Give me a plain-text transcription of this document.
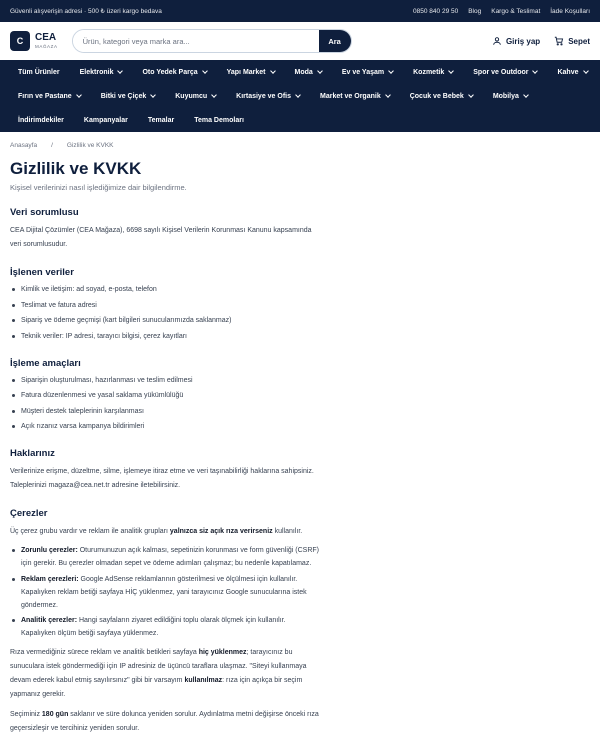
Güvenli alışverişin adresi · 500 ₺ üzeri kargo bedava	0850 840 29 50 Blog Kargo & Teslimat İade Koşulları
C	CEA
MAĞAZA
Ürün, kategori veya marka ara...
Ara	Giriş yap	Sepet
Tüm Ürünler	Elektronik	Oto Yedek Parça	Yapı Market	Moda	Ev ve Yaşam	Kozmetik	Spor ve Outdoor	Kahve
Fırın ve Pastane	Bitki ve Çiçek	Kuyumcu	Kırtasiye ve Ofis	Market ve Organik	Çocuk ve Bebek	Mobilya
İndirimdekiler	Kampanyalar	Temalar	Tema Demoları
Anasayfa / Gizlilik ve KVKK
Gizlilik ve KVKK
Kişisel verilerinizi nasıl işlediğimize dair bilgilendirme.
Veri sorumlusu

CEA Dijital Çözümler (CEA Mağaza), 6698 sayılı Kişisel Verilerin Korunması Kanunu kapsamında veri sorumlusudur.

İşlenen veriler
Kimlik ve iletişim: ad soyad, e-posta, telefon
Teslimat ve fatura adresi
Sipariş ve ödeme geçmişi (kart bilgileri sunucularımızda saklanmaz)
Teknik veriler: IP adresi, tarayıcı bilgisi, çerez kayıtları
İşleme amaçları
Siparişin oluşturulması, hazırlanması ve teslim edilmesi
Fatura düzenlenmesi ve yasal saklama yükümlülüğü
Müşteri destek taleplerinin karşılanması
Açık rızanız varsa kampanya bildirimleri
Haklarınız

Verilerinize erişme, düzeltme, silme, işlemeye itiraz etme ve veri taşınabilirliği haklarına sahipsiniz. Taleplerinizi magaza@cea.net.tr adresine iletebilirsiniz.

Çerezler

Üç çerez grubu vardır ve reklam ile analitik grupları yalnızca siz açık rıza verirseniz kullanılır.

Zorunlu çerezler: Oturumunuzun açık kalması, sepetinizin korunması ve form güvenliği (CSRF) için gerekir. Bu çerezler olmadan sepet ve ödeme adımları çalışmaz; bu nedenle kapatılamaz.
Reklam çerezleri: Google AdSense reklamlarının gösterilmesi ve ölçülmesi için kullanılır. Kapalıyken reklam betiği sayfaya HİÇ yüklenmez, yani tarayıcınız Google sunucularına istek göndermez.
Analitik çerezler: Hangi sayfaların ziyaret edildiğini toplu olarak ölçmek için kullanılır. Kapalıyken ölçüm betiği sayfaya yüklenmez.

Rıza vermediğiniz sürece reklam ve analitik betikleri sayfaya hiç yüklenmez; tarayıcınız bu sunuculara istek göndermediği için IP adresiniz de üçüncü taraflara ulaşmaz. "Siteyi kullanmaya devam ederek kabul etmiş sayılırsınız" gibi bir varsayım kullanılmaz: rıza için açıkça bir seçim yapmanız gerekir.

Seçiminiz 180 gün saklanır ve süre dolunca yeniden sorulur. Aydınlatma metni değişirse önceki rıza geçersizleşir ve tercihiniz yeniden sorulur.
